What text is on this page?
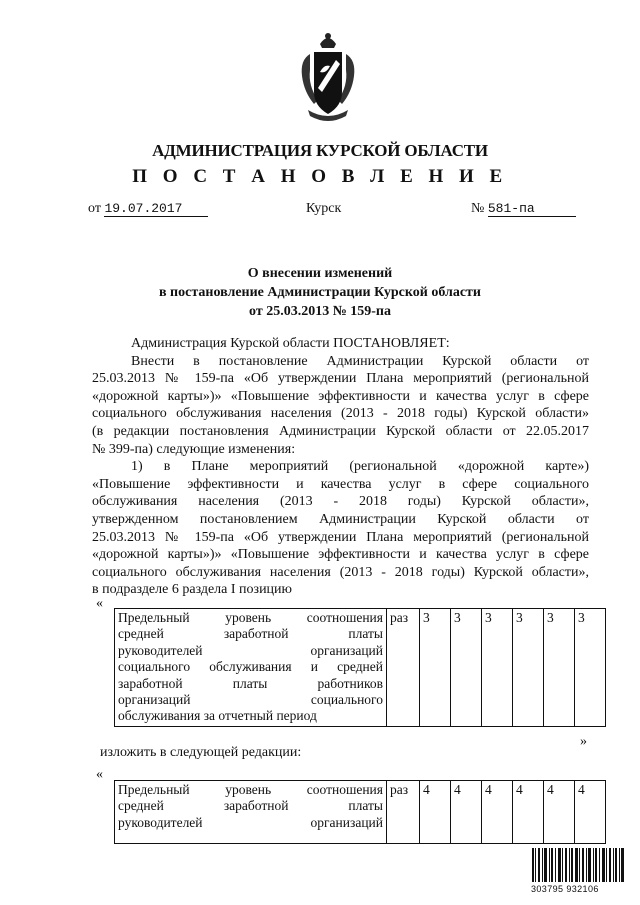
АДМИНИСТРАЦИЯ КУРСКОЙ ОБЛАСТИ
П О С Т А Н О В Л Е Н И Е
от 19.07.2017	Курск	№ 581-па
О внесении изменений
в постановление Администрации Курской области
от 25.03.2013 № 159-па
Администрация Курской области ПОСТАНОВЛЯЕТ:
Внести в постановление Администрации Курской области от
25.03.2013 № 159-па «Об утверждении Плана мероприятий (региональной
«дорожной карты»)» «Повышение эффективности и качества услуг в сфере
социального обслуживания населения (2013 - 2018 годы) Курской области»
(в редакции постановления Администрации Курской области от 22.05.2017
№ 399-па) следующие изменения:
1) в Плане мероприятий (региональной «дорожной карте»)
«Повышение эффективности и качества услуг в сфере социального
обслуживания населения (2013 - 2018 годы) Курской области»,
утвержденном постановлением Администрации Курской области от
25.03.2013 № 159-па «Об утверждении Плана мероприятий (региональной
«дорожной карты»)» «Повышение эффективности и качества услуг в сфере
социального обслуживания населения (2013 - 2018 годы) Курской области»,
в подразделе 6 раздела I позицию
«
Предельный уровень соотношения
средней заработной платы
руководителей организаций
социального обслуживания и средней
заработной платы работников
организаций социального
обслуживания за отчетный период
	раз	3	3	3	3	3	3
»
изложить в следующей редакции:
«
Предельный уровень соотношения
средней заработной платы
руководителей организаций
	раз	4	4	4	4	4	4
303795 932106
